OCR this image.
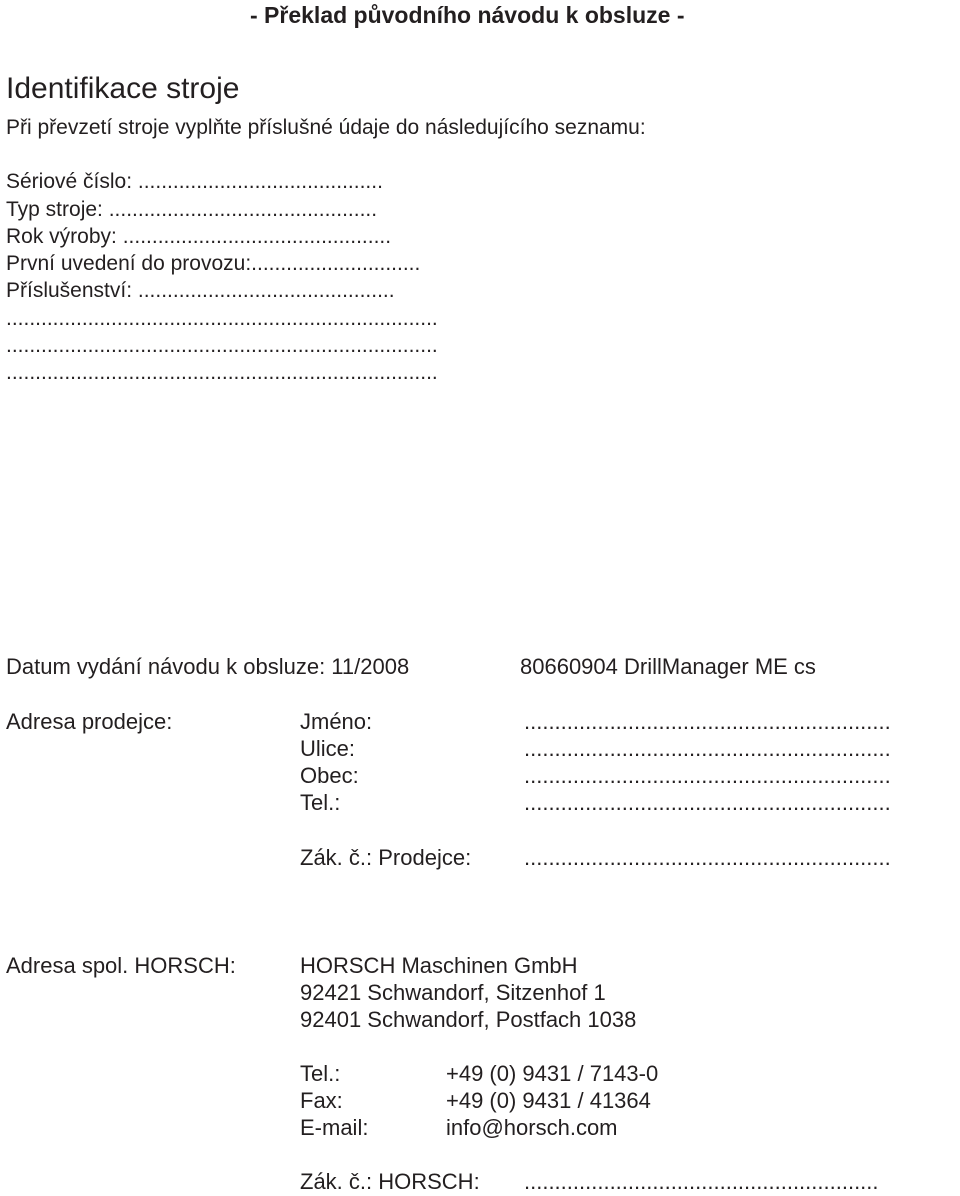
- Překlad původního návodu k obsluze -
Identifikace stroje
Při převzetí stroje vyplňte příslušné údaje do následujícího seznamu:
Sériové číslo: ..........................................
Typ stroje: ..............................................
Rok výroby: ..............................................
První uvedení do provozu:.............................
Příslušenství: ............................................
..........................................................................
..........................................................................
..........................................................................
Datum vydání návodu k obsluze: 11/2008	80660904 DrillManager ME cs
Adresa prodejce:	Jméno:	............................................................
Ulice:	............................................................
Obec:	............................................................
Tel.:	............................................................
Zák. č.: Prodejce: ............................................................
Adresa spol. HORSCH:	HORSCH Maschinen GmbH
92421 Schwandorf, Sitzenhof 1
92401 Schwandorf, Postfach 1038
Tel.:	+49 (0) 9431 / 7143-0
Fax:	+49 (0) 9431 / 41364
E-mail:	info@horsch.com
Zák. č.: HORSCH: ..........................................................
